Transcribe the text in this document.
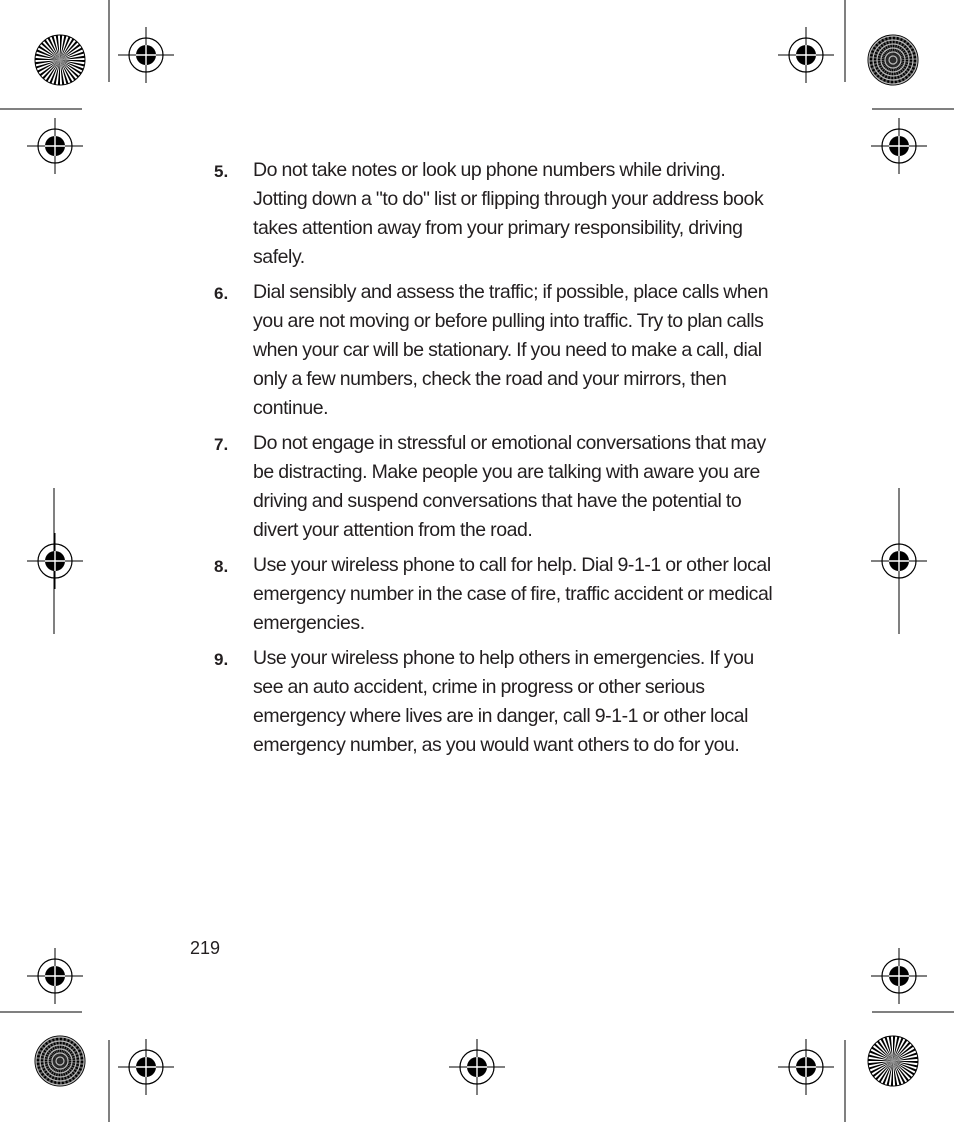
5.	Do not take notes or look up phone numbers while driving. Jotting down a "to do" list or flipping through your address book takes attention away from your primary responsibility, driving safely.
6.	Dial sensibly and assess the traffic; if possible, place calls when you are not moving or before pulling into traffic. Try to plan calls when your car will be stationary. If you need to make a call, dial only a few numbers, check the road and your mirrors, then continue.
7.	Do not engage in stressful or emotional conversations that may be distracting. Make people you are talking with aware you are driving and suspend conversations that have the potential to divert your attention from the road.
8.	Use your wireless phone to call for help. Dial 9-1-1 or other local emergency number in the case of fire, traffic accident or medical emergencies.
9.	Use your wireless phone to help others in emergencies. If you see an auto accident, crime in progress or other serious emergency where lives are in danger, call 9-1-1 or other local emergency number, as you would want others to do for you.
219
